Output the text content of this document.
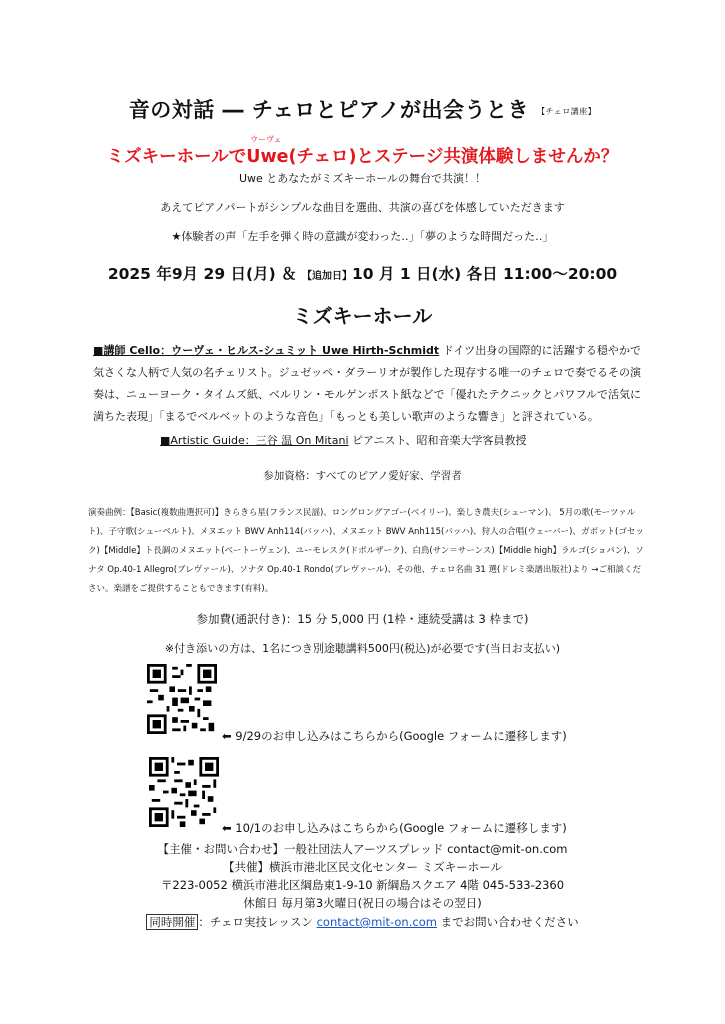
音の対話 ― チェロとピアノが出会うとき 【チェロ講座】
ウーヴェ
ミズキーホールでUwe(チェロ)とステージ共演体験しませんか？
Uwe とあなたがミズキーホールの舞台で共演！！
あえてピアノパートがシンプルな曲目を選曲、共演の喜びを体感していただきます
★体験者の声「左手を弾く時の意識が変わった‥」「夢のような時間だった‥」
2025 年9月 29 日(月) ＆ 【追加日】10 月 1 日(水) 各日 11:00～20:00
ミズキーホール
■講師 Cello：ウーヴェ・ヒルス-シュミット Uwe Hirth-Schmidt ドイツ出身の国際的に活躍する穏やかで気さくな人柄で人気の名チェリスト。ジュゼッペ・ダラーリオが製作した現存する唯一のチェロで奏でるその演奏は、ニューヨーク・タイムズ紙、ベルリン・モルゲンポスト紙などで「優れたテクニックとパワフルで活気に満ちた表現」「まるでベルベットのような音色」「もっとも美しい歌声のような響き」と評されている。
■Artistic Guide：三谷 温 On Mitani ピアニスト、昭和音楽大学客員教授
参加資格：すべてのピアノ愛好家、学習者
演奏曲例：【Basic(複数曲選択可)】きらきら星(フランス民謡)、ロングロングアゴー(ベイリー)、楽しき農夫(シューマン)、 5月の歌(モーツァルト)、子守歌(シューベルト)、メヌエット BWV Anh114(バッハ)、メヌエット BWV Anh115(バッハ)、狩人の合唱(ウェーバー)、ガボット(ゴセック)【Middle】ト長調のメヌエット(ベートーヴェン)、ユーモレスク(ドボルザーク)、白鳥(サン＝サーンス)【Middle high】ラルゴ(ショパン)、ソナタ Op.40-1 Allegro(ブレヴァール)、ソナタ Op.40-1 Rondo(ブレヴァール)、その他、チェロ名曲 31 選(ドレミ楽譜出版社)より →ご相談ください。楽譜をご提供することもできます(有料)。
参加費(通訳付き)：15 分 5,000 円 (1枠・連続受講は 3 枠まで)
※付き添いの方は、1名につき別途聴講料500円(税込)が必要です(当日お支払い)
⬅ 9/29のお申し込みはこちらから(Google フォームに遷移します)
⬅ 10/1のお申し込みはこちらから(Google フォームに遷移します)
【主催・お問い合わせ】一般社団法人アーツスプレッド contact@mit-on.com
【共催】横浜市港北区民文化センター ミズキーホール
〒223-0052 横浜市港北区綱島東1-9-10 新綱島スクエア 4階 045-533-2360
休館日 毎月第3火曜日(祝日の場合はその翌日)
同時開催 ：チェロ実技レッスン contact@mit-on.com までお問い合わせください
